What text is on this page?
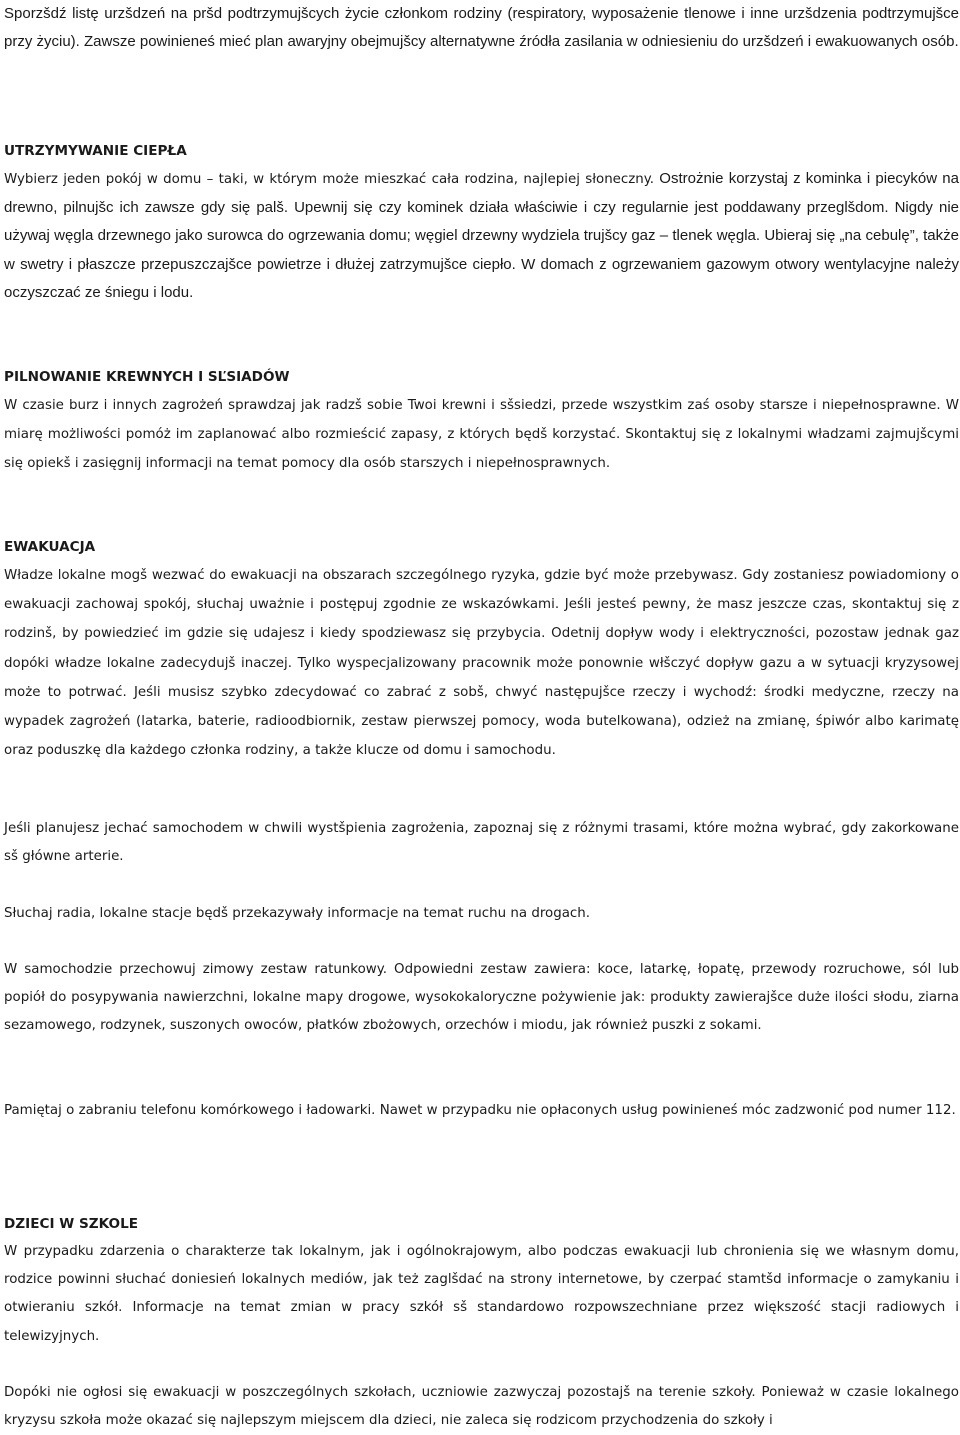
Sporzšdź listę urzšdzeń na pršd podtrzymujšcych życie członkom rodziny (respiratory, wyposażenie tlenowe i inne urzšdzenia podtrzymujšce przy życiu). Zawsze powinieneś mieć plan awaryjny obejmujšcy alternatywne źródła zasilania w odniesieniu do urzšdzeń i ewakuowanych osób.

UTRZYMYWANIE CIEPŁA

Wybierz jeden pokój w domu – taki, w którym może mieszkać cała rodzina, najlepiej słoneczny. Ostrożnie korzystaj z kominka i piecyków na drewno, pilnujšc ich zawsze gdy się palš. Upewnij się czy kominek działa właściwie i czy regularnie jest poddawany przeglšdom. Nigdy nie używaj węgla drzewnego jako surowca do ogrzewania domu; węgiel drzewny wydziela trujšcy gaz – tlenek węgla. Ubieraj się „na cebulę”, także w swetry i płaszcze przepuszczajšce powietrze i dłużej zatrzymujšce ciepło. W domach z ogrzewaniem gazowym otwory wentylacyjne należy oczyszczać ze śniegu i lodu.

PILNOWANIE KREWNYCH I SĽSIADÓW

W czasie burz i innych zagrożeń sprawdzaj jak radzš sobie Twoi krewni i sšsiedzi, przede wszystkim zaś osoby starsze i niepełnosprawne. W miarę możliwości pomóż im zaplanować albo rozmieścić zapasy, z których będš korzystać. Skontaktuj się z lokalnymi władzami zajmujšcymi się opiekš i zasięgnij informacji na temat pomocy dla osób starszych i niepełnosprawnych.

EWAKUACJA

Władze lokalne mogš wezwać do ewakuacji na obszarach szczególnego ryzyka, gdzie być może przebywasz. Gdy zostaniesz powiadomiony o ewakuacji zachowaj spokój, słuchaj uważnie i postępuj zgodnie ze wskazówkami. Jeśli jesteś pewny, że masz jeszcze czas, skontaktuj się z rodzinš, by powiedzieć im gdzie się udajesz i kiedy spodziewasz się przybycia. Odetnij dopływ wody i elektryczności, pozostaw jednak gaz dopóki władze lokalne zadecydujš inaczej. Tylko wyspecjalizowany pracownik może ponownie włšczyć dopływ gazu a w sytuacji kryzysowej może to potrwać. Jeśli musisz szybko zdecydować co zabrać z sobš, chwyć następujšce rzeczy i wychodź: środki medyczne, rzeczy na wypadek zagrożeń (latarka, baterie, radioodbiornik, zestaw pierwszej pomocy, woda butelkowana), odzież na zmianę, śpiwór albo karimatę oraz poduszkę dla każdego członka rodziny, a także klucze od domu i samochodu.

Jeśli planujesz jechać samochodem w chwili wystšpienia zagrożenia, zapoznaj się z różnymi trasami, które można wybrać, gdy zakorkowane sš główne arterie.

Słuchaj radia, lokalne stacje będš przekazywały informacje na temat ruchu na drogach.

W samochodzie przechowuj zimowy zestaw ratunkowy. Odpowiedni zestaw zawiera: koce, latarkę, łopatę, przewody rozruchowe, sól lub popiół do posypywania nawierzchni, lokalne mapy drogowe, wysokokaloryczne pożywienie jak: produkty zawierajšce duże ilości słodu, ziarna sezamowego, rodzynek, suszonych owoców, płatków zbożowych, orzechów i miodu, jak również puszki z sokami.

Pamiętaj o zabraniu telefonu komórkowego i ładowarki. Nawet w przypadku nie opłaconych usług powinieneś móc zadzwonić pod numer 112.

DZIECI W SZKOLE

W przypadku zdarzenia o charakterze tak lokalnym, jak i ogólnokrajowym, albo podczas ewakuacji lub chronienia się we własnym domu, rodzice powinni słuchać doniesień lokalnych mediów, jak też zaglšdać na strony internetowe, by czerpać stamtšd informacje o zamykaniu i otwieraniu szkół. Informacje na temat zmian w pracy szkół sš standardowo rozpowszechniane przez większość stacji radiowych i telewizyjnych.

Dopóki nie ogłosi się ewakuacji w poszczególnych szkołach, uczniowie zazwyczaj pozostajš na terenie szkoły. Ponieważ w czasie lokalnego kryzysu szkoła może okazać się najlepszym miejscem dla dzieci, nie zaleca się rodzicom przychodzenia do szkoły i
